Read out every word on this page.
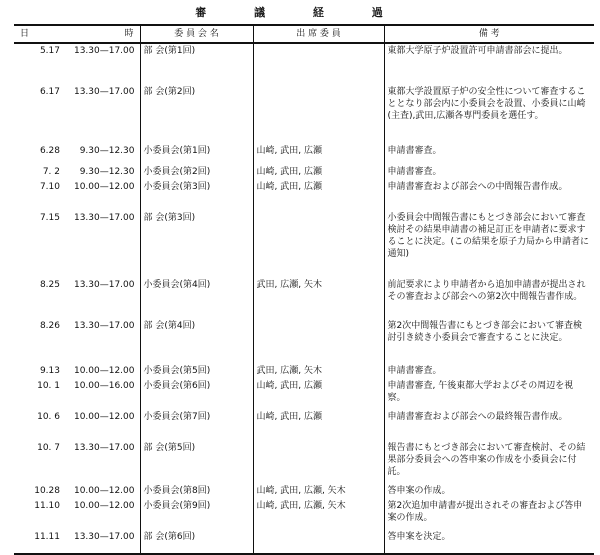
審 議 経 過
日	時	委 員 会 名	出 席 委 員	備 考
5.17	13.30—17.00	部 会(第1回)		東都大学原子炉設置許可申請書部会に提出。
6.17	13.30—17.00	部 会(第2回)		東都大学設置原子炉の安全性について審査することとなり部会内に小委員会を設置、小委員に山崎(主査),武田,広瀬各専門委員を選任す。
6.28	9.30—12.30	小委員会(第1回)	山崎, 武田, 広瀬	申請書審査。
7. 2	9.30—12.30	小委員会(第2回)	山崎, 武田, 広瀬	申請書審査。
7.10	10.00—12.00	小委員会(第3回)	山崎, 武田, 広瀬	申請書審査および部会への中間報告書作成。
7.15	13.30—17.00	部 会(第3回)		小委員会中間報告書にもとづき部会において審査検討その結果申請書の補足訂正を申請者に要求することに決定。(この結果を原子力局から申請者に通知)
8.25	13.30—17.00	小委員会(第4回)	武田, 広瀬, 矢木	前記要求により申請者から追加申請書が提出されその審査および部会への第2次中間報告書作成。
8.26	13.30—17.00	部 会(第4回)		第2次中間報告書にもとづき部会において審査検討引き続き小委員会で審査することに決定。
9.13	10.00—12.00	小委員会(第5回)	武田, 広瀬, 矢木	申請書審査。
10. 1	10.00—16.00	小委員会(第6回)	山崎, 武田, 広瀬	申請書審査, 午後東都大学およびその周辺を視察。
10. 6	10.00—12.00	小委員会(第7回)	山崎, 武田, 広瀬	申請書審査および部会への最終報告書作成。
10. 7	13.30—17.00	部 会(第5回)		報告書にもとづき部会において審査検討、その結果部分委員会への答申案の作成を小委員会に付託。
10.28	10.00—12.00	小委員会(第8回)	山崎, 武田, 広瀬, 矢木	答申案の作成。
11.10	10.00—12.00	小委員会(第9回)	山崎, 武田, 広瀬, 矢木	第2次追加申請書が提出されその審査および答申案の作成。
11.11	13.30—17.00	部 会(第6回)		答申案を決定。
